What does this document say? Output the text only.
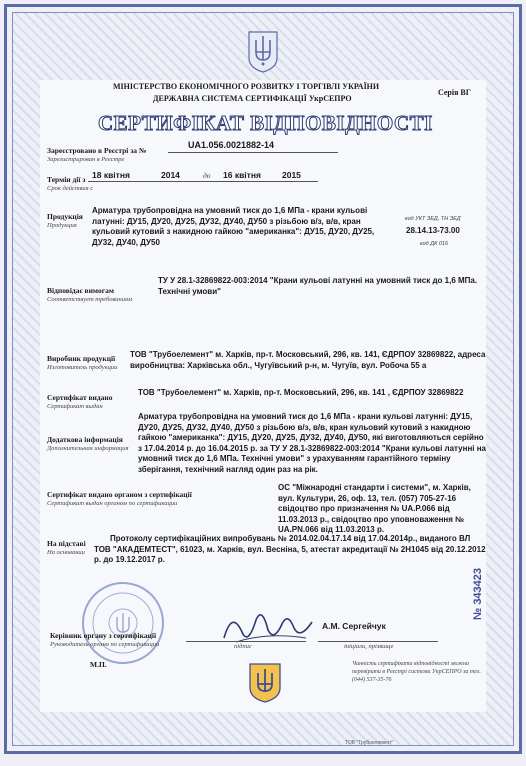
МІНІСТЕРСТВО ЕКОНОМІЧНОГО РОЗВИТКУ І ТОРГІВЛІ УКРАЇНИ
ДЕРЖАВНА СИСТЕМА СЕРТИФІКАЦІЇ УкрСЕПРО
Серія ВГ
СЕРТИФІКАТ ВІДПОВІДНОСТІ
Зареєстровано в Реєстрі за №
Зарегистрирован в Реестре
UA1.056.0021882-14
Термін дії з
Срок действия с
18 квітня	2014	до 16 квітня 2015
Продукція
Продукция
Арматура трубопровідна на умовний тиск до 1,6 МПа - крани кульові латунні: ДУ15, ДУ20, ДУ25, ДУ32, ДУ40, ДУ50 з різьбою в/з, в/в, кран кульовий кутовий з накидною гайкою "американка": ДУ15, ДУ20, ДУ25, ДУ32, ДУ40, ДУ50
код УКТ ЗЕД, ТН ЗЕД
28.14.13-73.00
код ДК 016
Відповідає вимогам
Соответствует требованиям
ТУ У 28.1-32869822-003:2014 "Крани кульові латунні на умовний тиск до 1,6 МПа. Технічні умови"
Виробник продукції
Изготовитель продукции
ТОВ "Трубоелемент" м. Харків, пр-т. Московський, 296, кв. 141, ЄДРПОУ 32869822, адреса виробництва: Харківська обл., Чугуївський р-н, м. Чугуїв, вул. Робоча 55 а
Сертифікат видано
Сертификат выдан
ТОВ "Трубоелемент" м. Харків, пр-т. Московський, 296, кв. 141 , ЄДРПОУ 32869822
Додаткова інформація
Дополнительная информация
Арматура трубопровідна на умовний тиск до 1,6 МПа - крани кульові латунні: ДУ15, ДУ20, ДУ25, ДУ32, ДУ40, ДУ50 з різьбою в/з, в/в, кран кульовий кутовий з накидною гайкою "американка": ДУ15, ДУ20, ДУ25, ДУ32, ДУ40, ДУ50, які виготовляються серійно з 17.04.2014 р. до 16.04.2015 р. за ТУ У 28.1-32869822-003:2014 "Крани кульові латунні на умовний тиск до 1,6 МПа. Технічні умови" з урахуванням гарантійного терміну зберігання, технічний нагляд один раз на рік.
Сертифікат видано органом з сертифікації
Сертификат выдан органом по сертификации
ОС "Міжнародні стандарти і системи", м. Харків, вул. Культури, 26, оф. 13, тел. (057) 705-27-16 свідоцтво про призначення № UA.P.066 від 11.03.2013 р., свідоцтво про уповноваження № UA.PN.066 від 11.03.2013 р.
На підставі
На основании
Протоколу сертифікаційних випробувань № 2014.02.04.17.14 від 17.04.2014р., виданого ВЛ ТОВ "АКАДЕМТЕСТ", 61023, м. Харків, вул. Весніна, 5, атестат акредитації № 2Н1045 від 20.12.2012 р. до 19.12.2017 р.
Керівник органу з сертифікації
Руководитель органа по сертификации
А.М. Сергейчук
підпис	ініціали, прізвище
М.П.	Чинність сертифіката відповідності можна перевірити в Реєстрі системи УкрСЕПРО за тел. (044) 537-35-76
ТОВ "Трубоелемент"
№ 343423
